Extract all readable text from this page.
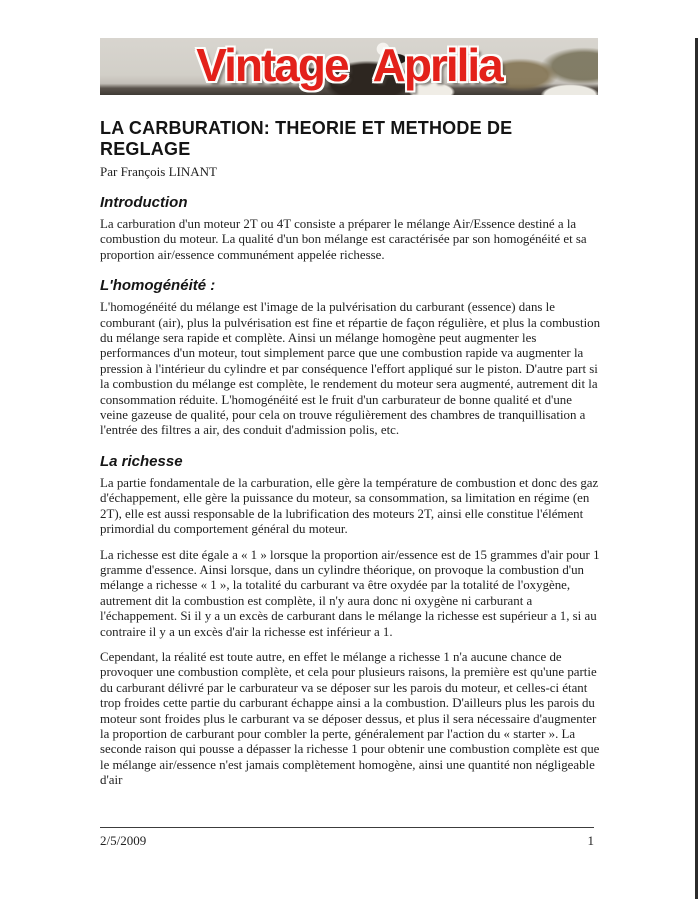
Vintage Aprilia
LA CARBURATION: THEORIE ET METHODE DE
REGLAGE
Par François LINANT
Introduction

La carburation d'un moteur 2T ou 4T consiste a préparer le mélange Air/Essence destiné a la combustion du moteur. La qualité d'un bon mélange est caractérisée par son homogénéité et sa proportion air/essence communément appelée richesse.

L'homogénéité :

L'homogénéité du mélange est l'image de la pulvérisation du carburant (essence) dans le comburant (air), plus la pulvérisation est fine et répartie de façon régulière, et plus la combustion du mélange sera rapide et complète. Ainsi un mélange homogène peut augmenter les performances d'un moteur, tout simplement parce que une combustion rapide va augmenter la pression à l'intérieur du cylindre et par conséquence l'effort appliqué sur le piston. D'autre part si la combustion du mélange est complète, le rendement du moteur sera augmenté, autrement dit la consommation réduite. L'homogénéité est le fruit d'un carburateur de bonne qualité et d'une veine gazeuse de qualité, pour cela on trouve régulièrement des chambres de tranquillisation a l'entrée des filtres a air, des conduit d'admission polis, etc.

La richesse

La partie fondamentale de la carburation, elle gère la température de combustion et donc des gaz d'échappement, elle gère la puissance du moteur, sa consommation, sa limitation en régime (en 2T), elle est aussi responsable de la lubrification des moteurs 2T, ainsi elle constitue l'élément primordial du comportement général du moteur.

La richesse est dite égale a « 1 » lorsque la proportion air/essence est de 15 grammes d'air pour 1 gramme d'essence. Ainsi lorsque, dans un cylindre théorique, on provoque la combustion d'un mélange a richesse « 1 », la totalité du carburant va être oxydée par la totalité de l'oxygène, autrement dit la combustion est complète, il n'y aura donc ni oxygène ni carburant a l'échappement. Si il y a un excès de carburant dans le mélange la richesse est supérieur a 1, si au contraire il y a un excès d'air la richesse est inférieur a 1.

Cependant, la réalité est toute autre, en effet le mélange a richesse 1 n'a aucune chance de provoquer une combustion complète, et cela pour plusieurs raisons, la première est qu'une partie du carburant délivré par le carburateur va se déposer sur les parois du moteur, et celles-ci étant trop froides cette partie du carburant échappe ainsi a la combustion. D'ailleurs plus les parois du moteur sont froides plus le carburant va se déposer dessus, et plus il sera nécessaire d'augmenter la proportion de carburant pour combler la perte, généralement par l'action du « starter ». La seconde raison qui pousse a dépasser la richesse 1 pour obtenir une combustion complète est que le mélange air/essence n'est jamais complètement homogène, ainsi une quantité non négligeable d'air

2/5/2009	1
